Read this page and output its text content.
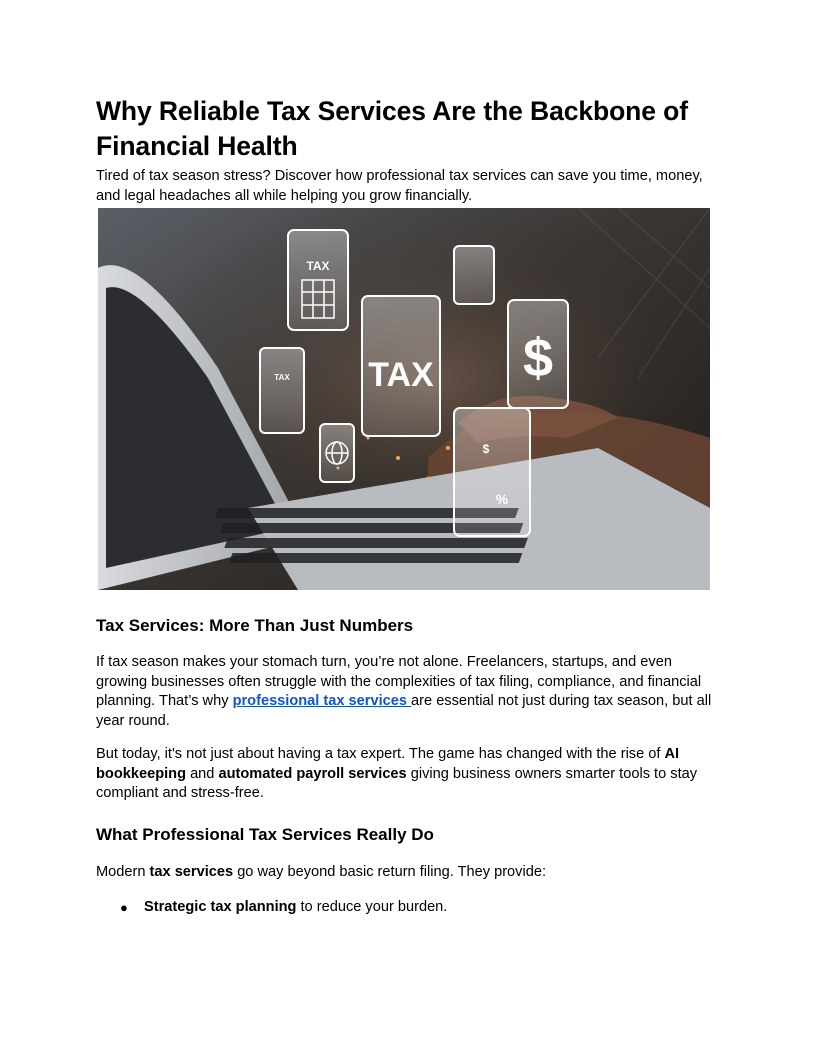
Why Reliable Tax Services Are the Backbone of Financial Health

Tired of tax season stress? Discover how professional tax services can save you time, money, and legal headaches all while helping you grow financially.

TAX
TAX
TAX	$
$
%
Tax Services: More Than Just Numbers

If tax season makes your stomach turn, you’re not alone. Freelancers, startups, and even growing businesses often struggle with the complexities of tax filing, compliance, and financial planning. That’s why professional tax services are essential not just during tax season, but all year round.

But today, it's not just about having a tax expert. The game has changed with the rise of AI bookkeeping and automated payroll services giving business owners smarter tools to stay compliant and stress-free.

What Professional Tax Services Really Do

Modern tax services go way beyond basic return filing. They provide:

● Strategic tax planning to reduce your burden.
